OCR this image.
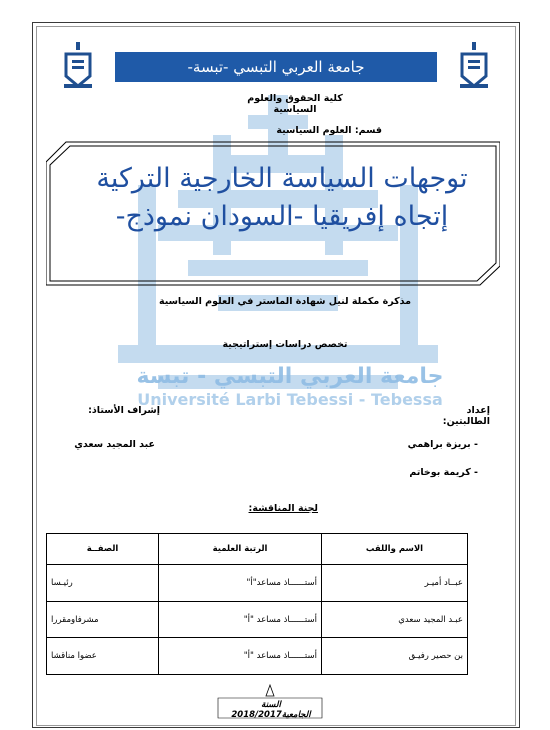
جامعة العربي التبسي -تبسة-
كلية الحقوق والعلوم السياسية
قسم: العلوم السياسية
توجهات السياسة الخارجية التركية
إتجاه إفريقيا -السودان نموذج-
مذكرة مكملة لنيل شهادة الماستر في العلوم السياسية
تخصص دراسات إستراتيجية
جامعة العربي التبسي - تبسة
Université Larbi Tebessi - Tebessa
إعداد الطالبتين:
إشراف الأستاذ:
- بريزة براهمي
- كريمة بوخاتم
عبد المجيد سعدي
لجنة المناقشة:
الاسم واللقب	الرتبة العلمية	الصفــة
عبــاد أميـر	أستــــــاذ مساعد"أ"	رئيـسا
عبـد المجيد سعدي	أستــــــاذ مساعد "أ"	مشرفاومقررا
بن حصير رفيـق	أستــــــاذ مساعد "أ"	عضوا مناقشا
السنة الجامعية2018/2017
